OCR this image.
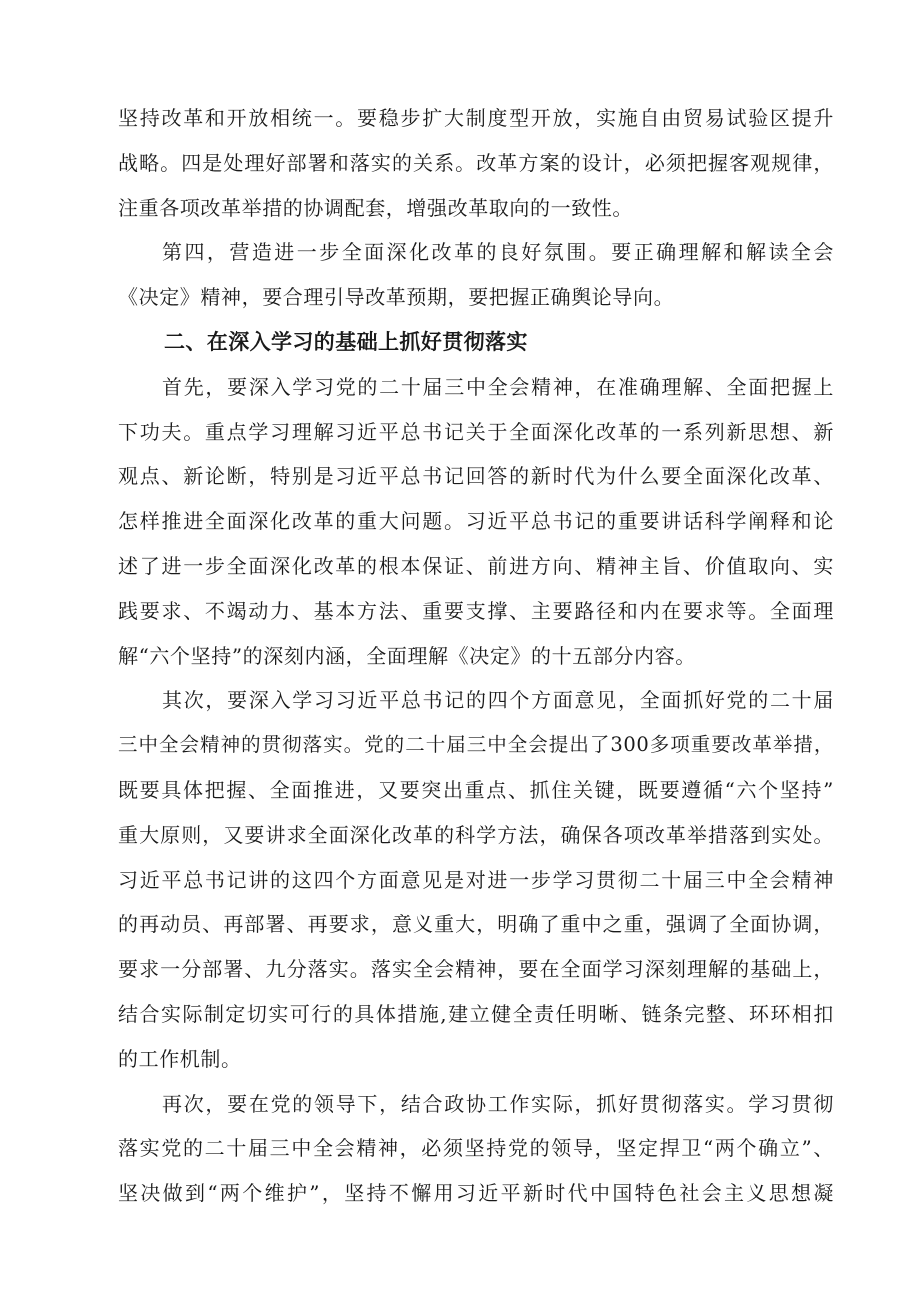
坚持改革和开放相统一。要稳步扩大制度型开放，实施自由贸易试验区提升
战略。四是处理好部署和落实的关系。改革方案的设计，必须把握客观规律，
注重各项改革举措的协调配套，增强改革取向的一致性。
第四，营造进一步全面深化改革的良好氛围。要正确理解和解读全会
《决定》精神，要合理引导改革预期，要把握正确舆论导向。
二、在深入学习的基础上抓好贯彻落实
首先，要深入学习党的二十届三中全会精神，在准确理解、全面把握上
下功夫。重点学习理解习近平总书记关于全面深化改革的一系列新思想、新
观点、新论断，特别是习近平总书记回答的新时代为什么要全面深化改革、
怎样推进全面深化改革的重大问题。习近平总书记的重要讲话科学阐释和论
述了进一步全面深化改革的根本保证、前进方向、精神主旨、价值取向、实
践要求、不竭动力、基本方法、重要支撑、主要路径和内在要求等。全面理
解“六个坚持”的深刻内涵，全面理解《决定》的十五部分内容。
其次，要深入学习习近平总书记的四个方面意见，全面抓好党的二十届
三中全会精神的贯彻落实。党的二十届三中全会提出了300多项重要改革举措，
既要具体把握、全面推进，又要突出重点、抓住关键，既要遵循“六个坚持”
重大原则，又要讲求全面深化改革的科学方法，确保各项改革举措落到实处。
习近平总书记讲的这四个方面意见是对进一步学习贯彻二十届三中全会精神
的再动员、再部署、再要求，意义重大，明确了重中之重，强调了全面协调，
要求一分部署、九分落实。落实全会精神，要在全面学习深刻理解的基础上，
结合实际制定切实可行的具体措施,建立健全责任明晰、链条完整、环环相扣
的工作机制。
再次，要在党的领导下，结合政协工作实际，抓好贯彻落实。学习贯彻
落实党的二十届三中全会精神，必须坚持党的领导，坚定捍卫“两个确立”、
坚决做到“两个维护”，坚持不懈用习近平新时代中国特色社会主义思想凝
